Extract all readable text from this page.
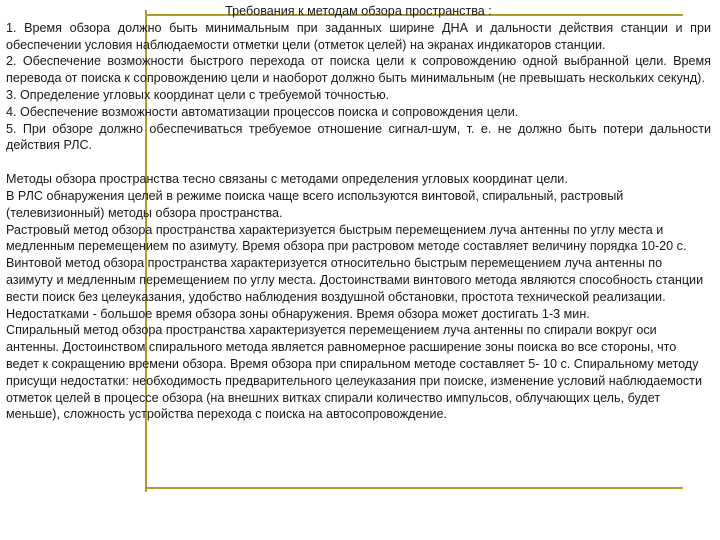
Требования к методам обзора пространства :

1. Время обзора должно быть минимальным при заданных ширине ДНА и дальности действия станции и при обеспечении условия наблюдаемости отметки цели (отметок целей) на экранах индикаторов станции.

2. Обеспечение возможности быстрого перехода от поиска цели к сопровождению одной выбранной цели. Время перевода от поиска к сопровождению цели и наоборот должно быть минимальным (не превышать нескольких секунд).

3. Определение угловых координат цели с требуемой точностью.

4. Обеспечение возможности автоматизации процессов поиска и сопровождения цели.

5. При обзоре должно обеспечиваться требуемое отношение сигнал-шум, т. е. не должно быть потери дальности действия РЛС.

Методы обзора пространства тесно связаны с методами определения угловых координат цели.

В РЛС обнаружения целей в режиме поиска чаще всего используются винтовой, спиральный, растровый (телевизионный) методы обзора пространства.

Растровый метод обзора пространства характеризуется быстрым перемещением луча антенны по углу места и медленным перемещением по азимуту. Время обзора при растровом методе составляет величину порядка 10-20 с.

Винтовой метод обзора пространства характеризуется относительно быстрым перемещением луча антенны по азимуту и медленным перемещением по углу места. Достоинствами винтового метода являются способность станции вести поиск без целеуказания, удобство наблюдения воздушной обстановки, простота технической реализации. Недостатками - большое время обзора зоны обнаружения. Время обзора может достигать 1-3 мин.

Спиральный метод обзора пространства характеризуется перемещением луча антенны по спирали вокруг оси антенны. Достоинством спирального метода является равномерное расширение зоны поиска во все стороны, что ведет к сокращению времени обзора. Время обзора при спиральном методе составляет 5- 10 с. Спиральному методу присущи недостатки: необходимость предварительного целеуказания при поиске, изменение условий наблюдаемости отметок целей в процессе обзора (на внешних витках спирали количество импульсов, облучающих цель, будет меньше), сложность устройства перехода с поиска на автосопровождение.
